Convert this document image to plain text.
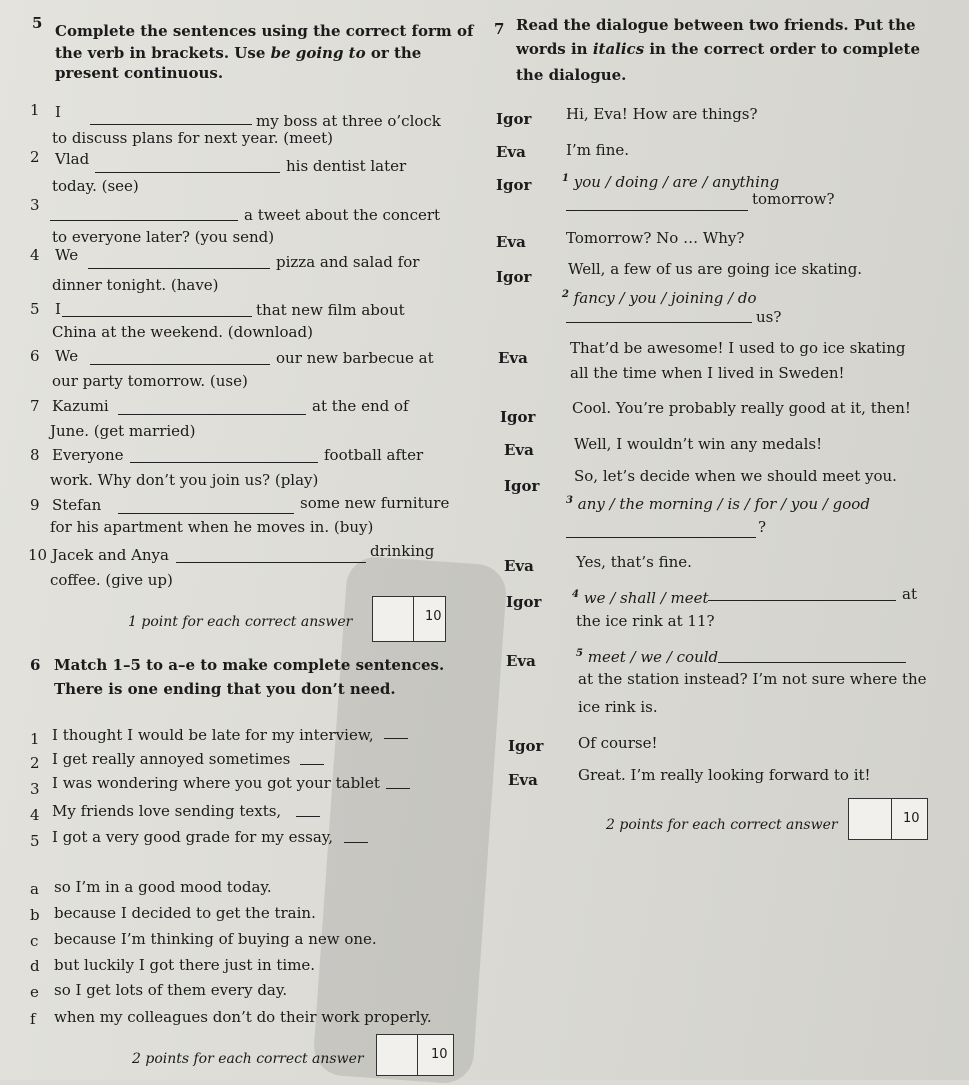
5 Complete the sentences using the correct form of
the verb in brackets. Use be going to or the
present continuous.
1 I	my boss at three o’clock
to discuss plans for next year. (meet)
2 Vlad	his dentist later
today. (see)
3
a tweet about the concert
to everyone later? (you send)
4 We	pizza and salad for
dinner tonight. (have)
5 I	that new film about
China at the weekend. (download)
6 We	our new barbecue at
our party tomorrow. (use)
7 Kazumi	at the end of
June. (get married)
8 Everyone	football after
work. Why don’t you join us? (play)
9 Stefan	some new furniture
for his apartment when he moves in. (buy)
10 Jacek and Anya	drinking
coffee. (give up)
1 point for each correct answer	10
6 Match 1–5 to a–e to make complete sentences.
There is one ending that you don’t need.
1 I thought I would be late for my interview,
2 I get really annoyed sometimes
3 I was wondering where you got your tablet
4 My friends love sending texts,
5 I got a very good grade for my essay,
a so I’m in a good mood today.
b because I decided to get the train.
c because I’m thinking of buying a new one.
d but luckily I got there just in time.
e so I get lots of them every day.
f when my colleagues don’t do their work properly.
2 points for each correct answer	10
7 Read the dialogue between two friends. Put the
words in italics in the correct order to complete
the dialogue.
Igor Hi, Eva! How are things?
Eva	I’m fine.
Igor	$^1$ you / doing / are / anything
tomorrow?
Eva	Tomorrow? No … Why?
Igor Well, a few of us are going ice skating.
$^2$ fancy / you / joining / do
us?
Eva
That’d be awesome! I used to go ice skating
all the time when I lived in Sweden!
Igor Cool. You’re probably really good at it, then!
Eva	Well, I wouldn’t win any medals!
Igor
So, let’s decide when we should meet you.
$^3$ any / the morning / is / for / you / good
?
Eva	Yes, that’s fine.
Igor	$^4$ we / shall / meet	at
the ice rink at 11?
Eva	$^5$ meet / we / could
at the station instead? I’m not sure where the
ice rink is.
Igor Of course!
Eva	Great. I’m really looking forward to it!
2 points for each correct answer	10
